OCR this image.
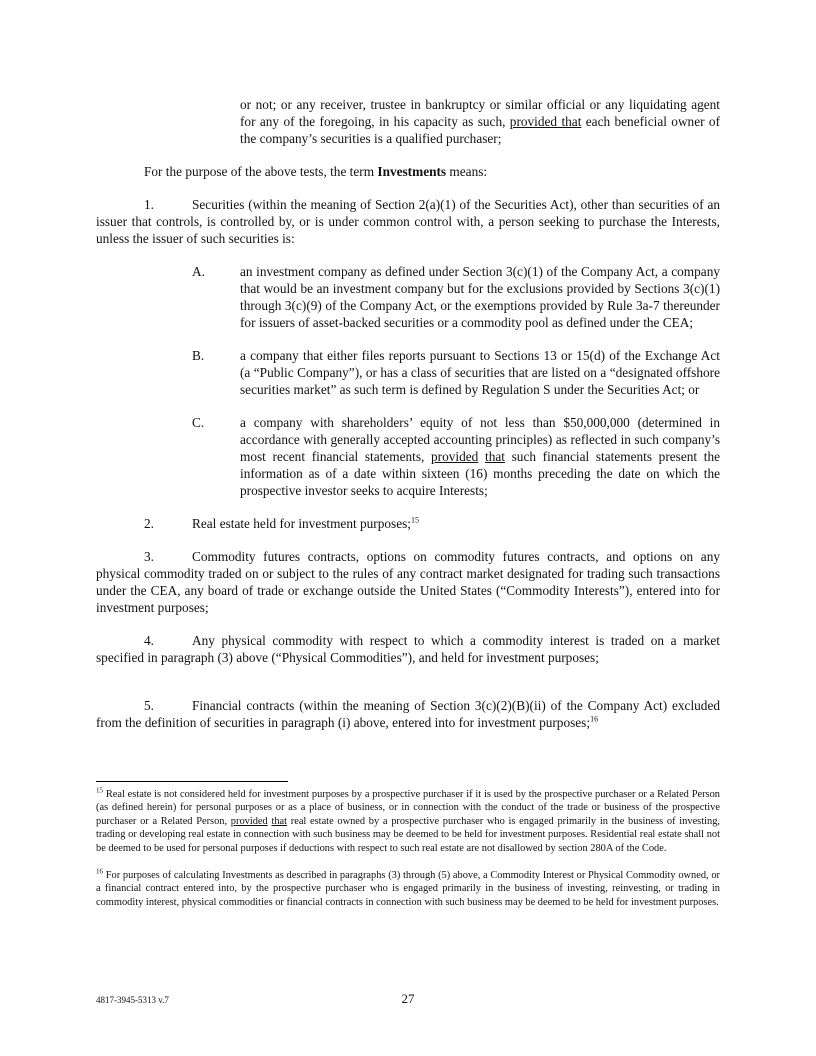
or not; or any receiver, trustee in bankruptcy or similar official or any liquidating agent for any of the foregoing, in his capacity as such, provided that each beneficial owner of the company’s securities is a qualified purchaser;

For the purpose of the above tests, the term Investments means:

1.	Securities (within the meaning of Section 2(a)(1) of the Securities Act), other than securities of an issuer that controls, is controlled by, or is under common control with, a person seeking to purchase the Interests, unless the issuer of such securities is:

A.	an investment company as defined under Section 3(c)(1) of the Company Act, a company that would be an investment company but for the exclusions provided by Sections 3(c)(1) through 3(c)(9) of the Company Act, or the exemptions provided by Rule 3a-7 thereunder for issuers of asset-backed securities or a commodity pool as defined under the CEA;
B.	a company that either files reports pursuant to Sections 13 or 15(d) of the Exchange Act (a “Public Company”), or has a class of securities that are listed on a “designated offshore securities market” as such term is defined by Regulation S under the Securities Act; or
C.	a company with shareholders’ equity of not less than $50,000,000 (determined in accordance with generally accepted accounting principles) as reflected in such company’s most recent financial statements, provided that such financial statements present the information as of a date within sixteen (16) months preceding the date on which the prospective investor seeks to acquire Interests;

2.	Real estate held for investment purposes;$^{15}$

3.	Commodity futures contracts, options on commodity futures contracts, and options on any physical commodity traded on or subject to the rules of any contract market designated for trading such transactions under the CEA, any board of trade or exchange outside the United States (“Commodity Interests”), entered into for investment purposes;

4.	Any physical commodity with respect to which a commodity interest is traded on a market specified in paragraph (3) above (“Physical Commodities”), and held for investment purposes;

5.	Financial contracts (within the meaning of Section 3(c)(2)(B)(ii) of the Company Act) excluded from the definition of securities in paragraph (i) above, entered into for investment purposes;$^{16}$

$^{15}$ Real estate is not considered held for investment purposes by a prospective purchaser if it is used by the prospective purchaser or a Related Person (as defined herein) for personal purposes or as a place of business, or in connection with the conduct of the trade or business of the prospective purchaser or a Related Person, provided that real estate owned by a prospective purchaser who is engaged primarily in the business of investing, trading or developing real estate in connection with such business may be deemed to be held for investment purposes. Residential real estate shall not be deemed to be used for personal purposes if deductions with respect to such real estate are not disallowed by section 280A of the Code.

$^{16}$ For purposes of calculating Investments as described in paragraphs (3) through (5) above, a Commodity Interest or Physical Commodity owned, or a financial contract entered into, by the prospective purchaser who is engaged primarily in the business of investing, reinvesting, or trading in commodity interest, physical commodities or financial contracts in connection with such business may be deemed to be held for investment purposes.

4817-3945-5313 v.7	27
